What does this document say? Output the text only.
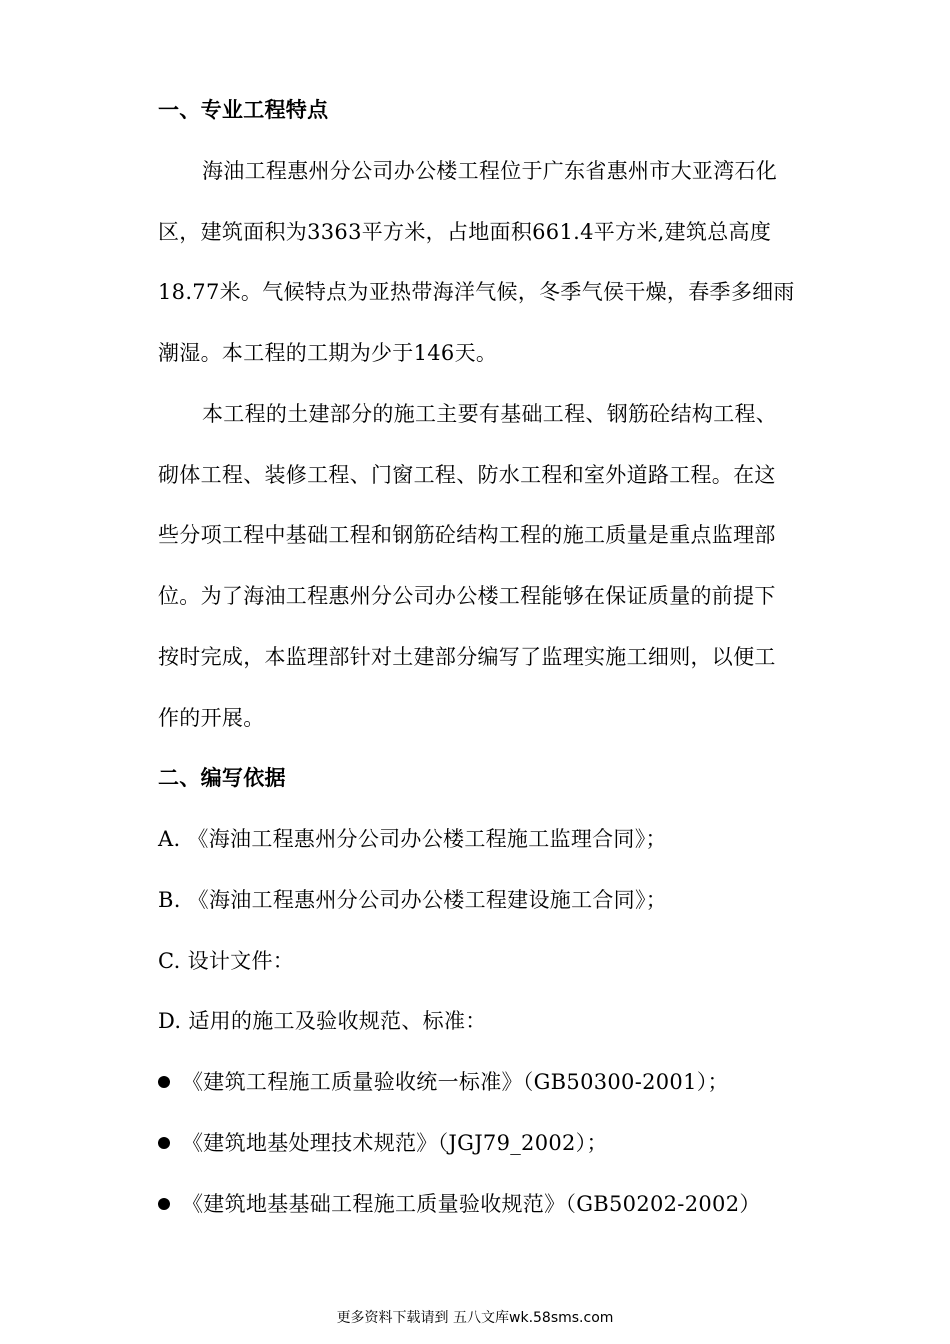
一、专业工程特点
海油工程惠州分公司办公楼工程位于广东省惠州市大亚湾石化
区，建筑面积为3363平方米，占地面积661.4平方米,建筑总高度
18.77米。气候特点为亚热带海洋气候，冬季气侯干燥，春季多细雨
潮湿。本工程的工期为少于146天。
本工程的土建部分的施工主要有基础工程、钢筋砼结构工程、
砌体工程、装修工程、门窗工程、防水工程和室外道路工程。在这
些分项工程中基础工程和钢筋砼结构工程的施工质量是重点监理部
位。为了海油工程惠州分公司办公楼工程能够在保证质量的前提下
按时完成，本监理部针对土建部分编写了监理实施工细则，以便工
作的开展。
二、编写依据
A. 《海油工程惠州分公司办公楼工程施工监理合同》；
B. 《海油工程惠州分公司办公楼工程建设施工合同》；
C. 设计文件：
D. 适用的施工及验收规范、标准：
《建筑工程施工质量验收统一标准》（GB50300-2001）；
《建筑地基处理技术规范》（JGJ79_2002）；
《建筑地基基础工程施工质量验收规范》（GB50202-2002）
更多资料下载请到 五八文库wk.58sms.com
